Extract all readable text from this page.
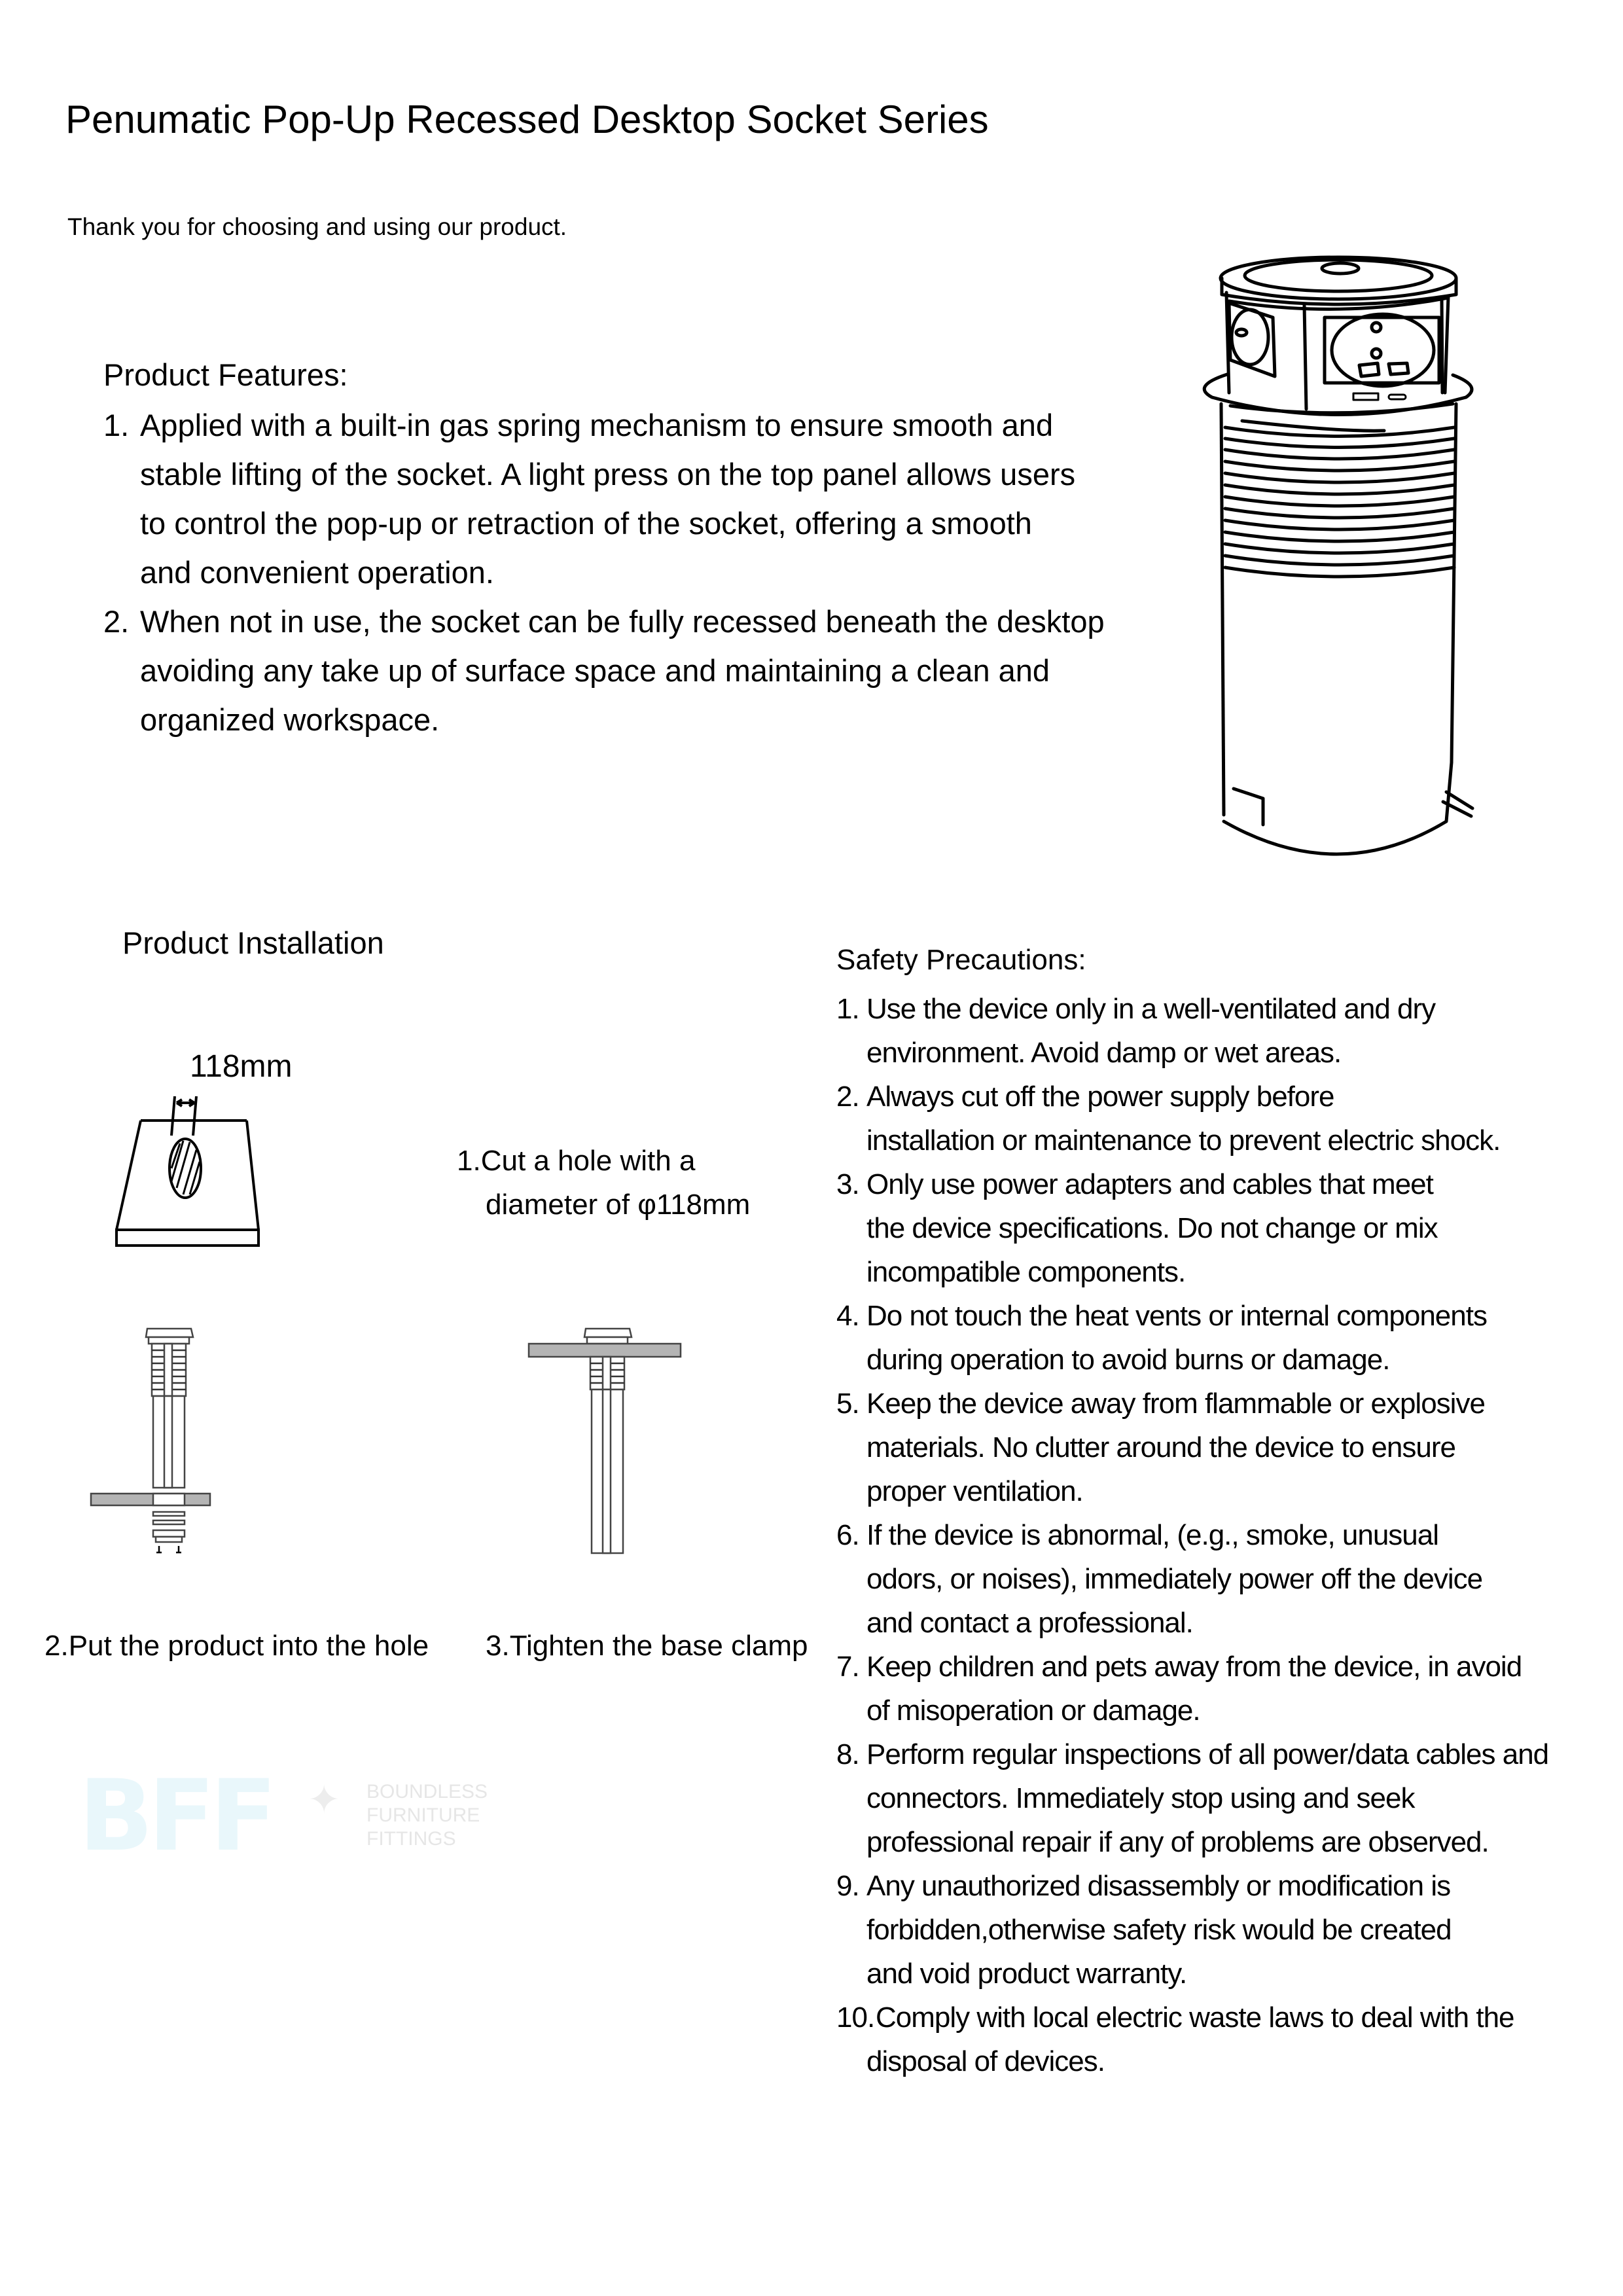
BFF ✦ BOUNDLESS
FURNITURE
FITTINGS
Penumatic Pop-Up Recessed Desktop Socket Series
Thank you for choosing and using our product.
Product Features:
1. Applied with a built-in gas spring mechanism to ensure smooth and
stable lifting of the socket. A light press on the top panel allows users
to control the pop-up or retraction of the socket, offering a smooth
and convenient operation.
2. When not in use, the socket can be fully recessed beneath the desktop
avoiding any take up of surface space and maintaining a clean and
organized workspace.
Product Installation
118mm
1.Cut a hole with a
diameter of φ118mm
2.Put the product into the hole 3.Tighten the base clamp
Safety Precautions:
1. Use the device only in a well-ventilated and dry
environment. Avoid damp or wet areas.
2. Always cut off the power supply before
installation or maintenance to prevent electric shock.
3. Only use power adapters and cables that meet
the device specifications. Do not change or mix
incompatible components.
4. Do not touch the heat vents or internal components
during operation to avoid burns or damage.
5. Keep the device away from flammable or explosive
materials. No clutter around the device to ensure
proper ventilation.
6. If the device is abnormal, (e.g., smoke, unusual
odors, or noises), immediately power off the device
and contact a professional.
7. Keep children and pets away from the device, in avoid
of misoperation or damage.
8. Perform regular inspections of all power/data cables and
connectors. Immediately stop using and seek
professional repair if any of problems are observed.
9. Any unauthorized disassembly or modification is
forbidden,otherwise safety risk would be created
and void product warranty.
10. Comply with local electric waste laws to deal with the
disposal of devices.
